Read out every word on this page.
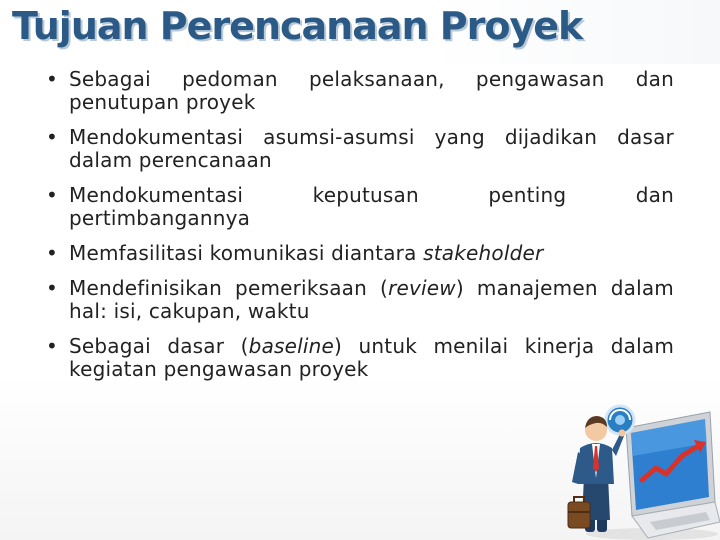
Tujuan Perencanaan Proyek
• Sebagai pedoman pelaksanaan, pengawasan dan
penutupan proyek
• Mendokumentasi asumsi-asumsi yang dijadikan dasar
dalam perencanaan
• Mendokumentasi	keputusan	penting	dan
pertimbangannya
• Memfasilitasi komunikasi diantara stakeholder
• Mendefinisikan pemeriksaan (review) manajemen dalam hal: isi, cakupan, waktu
• Sebagai dasar (baseline) untuk menilai kinerja dalam kegiatan pengawasan proyek
